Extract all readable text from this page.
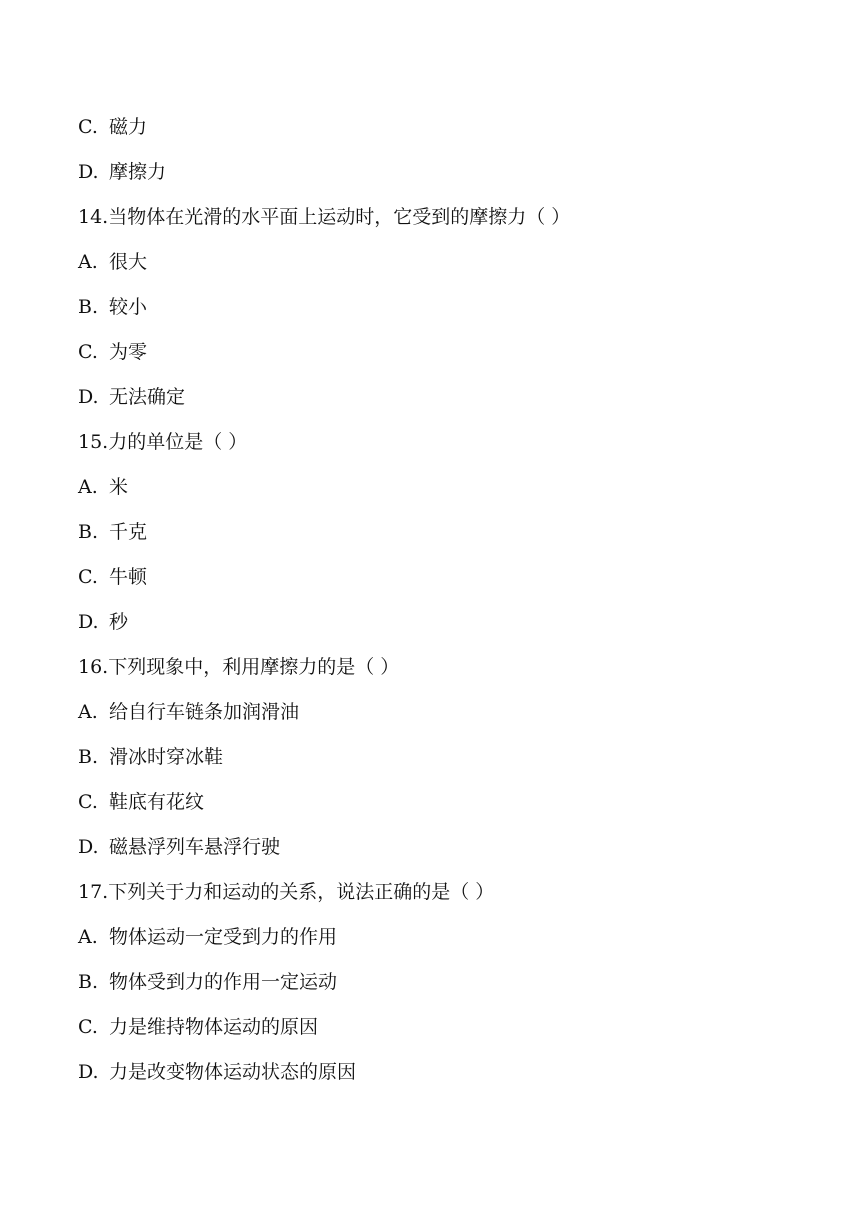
C. 磁力
D. 摩擦力
14.当物体在光滑的水平面上运动时，它受到的摩擦力（ ）
A. 很大
B. 较小
C. 为零
D. 无法确定
15.力的单位是（ ）
A. 米
B. 千克
C. 牛顿
D. 秒
16.下列现象中，利用摩擦力的是（ ）
A. 给自行车链条加润滑油
B. 滑冰时穿冰鞋
C. 鞋底有花纹
D. 磁悬浮列车悬浮行驶
17.下列关于力和运动的关系，说法正确的是（ ）
A. 物体运动一定受到力的作用
B. 物体受到力的作用一定运动
C. 力是维持物体运动的原因
D. 力是改变物体运动状态的原因
